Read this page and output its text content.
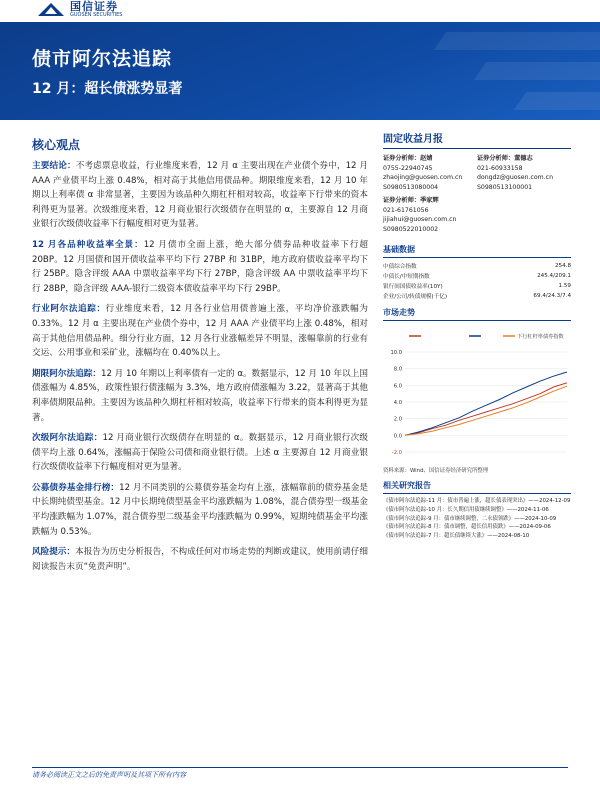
国信证券
GUOSEN SECURITIES
债市阿尔法追踪
12 月：超长债涨势显著
核心观点

主要结论：不考虑票息收益，行业维度来看，12 月 α 主要出现在产业债个券中，12 月 AAA 产业债平均上涨 0.48%，相对高于其他信用债品种。期限维度来看，12 月 10 年期以上利率债 α 非常显著，主要因为该品种久期杠杆相对较高，收益率下行带来的资本利得更为显著。次级维度来看，12 月商业银行次级债存在明显的 α，主要源自 12 月商业银行次级债收益率下行幅度相对更为显著。

12 月各品种收益率全景：12 月债市全面上涨，绝大部分债券品种收益率下行超 20BP。12 月国债和国开债收益率平均下行 27BP 和 31BP，地方政府债收益率平均下行 25BP。隐含评级 AAA 中票收益率平均下行 27BP，隐含评级 AA 中票收益率平均下行 28BP，隐含评级 AAA-银行二级资本债收益率平均下行 29BP。

行业阿尔法追踪：行业维度来看，12 月各行业信用债普遍上涨，平均净价涨跌幅为 0.33%。12 月 α 主要出现在产业债个券中，12 月 AAA 产业债平均上涨 0.48%，相对高于其他信用债品种。细分行业方面，12 月各行业涨幅差异不明显，涨幅靠前的行业有交运、公用事业和采矿业，涨幅均在 0.40%以上。

期限阿尔法追踪：12 月 10 年期以上利率债有一定的 α。数据显示，12 月 10 年以上国债涨幅为 4.85%，政策性银行债涨幅为 3.3%，地方政府债涨幅为 3.22，显著高于其他利率债期限品种。主要因为该品种久期杠杆相对较高，收益率下行带来的资本利得更为显著。

次级阿尔法追踪：12 月商业银行次级债存在明显的 α。数据显示，12 月商业银行次级债平均上涨 0.64%，涨幅高于保险公司债和商业银行债。上述 α 主要源自 12 月商业银行次级债收益率下行幅度相对更为显著。

公募债券基金排行榜：12 月不同类别的公募债券基金均有上涨，涨幅靠前的债券基金是中长期纯债型基金。12 月中长期纯债型基金平均涨跌幅为 1.08%，混合债券型一级基金平均涨跌幅为 1.07%，混合债券型二级基金平均涨跌幅为 0.99%，短期纯债基金平均涨跌幅为 0.53%。

风险提示：本报告为历史分析报告，不构成任何对市场走势的判断或建议，使用前请仔细阅读报告末页“免责声明”。

固定收益月报
证券分析师：赵婧
0755-22940745
zhaojing@guosen.com.cn
S0980513080004
证券分析师：董德志
021-60933158
dongdz@guosen.com.cn
S0980513100001
证券分析师：季家辉
021-61761056
jijiahui@guosen.com.cn
S0980522010002
基础数据
中债综合指数	254.8
中债长/中短期指数	245.4/209.1
银行间国债收益率(10Y)	1.59
企业/公司/转债规模(千亿)	69.4/24.3/7.4
市场走势
下行杠杆率债券指数
10.0
8.0
6.0
4.0
2.0
0.0
-2.0
资料来源：Wind、国信证券经济研究所整理
相关研究报告
《债市阿尔法追踪-11 月：债市普遍上涨，超长债表现突出》——2024-12-09
《债市阿尔法追踪-10 月：长久期信用债继续调整》——2024-11-06
《债市阿尔法追踪-9 月：债市继续调整，二永债领跌》——2024-10-09
《债市阿尔法追踪-8 月：债市调整，超长信用债跌》——2024-09-06
《债市阿尔法追踪-7 月：超长债继续大涨》——2024-08-10
请务必阅读正文之后的免责声明及其项下所有内容
